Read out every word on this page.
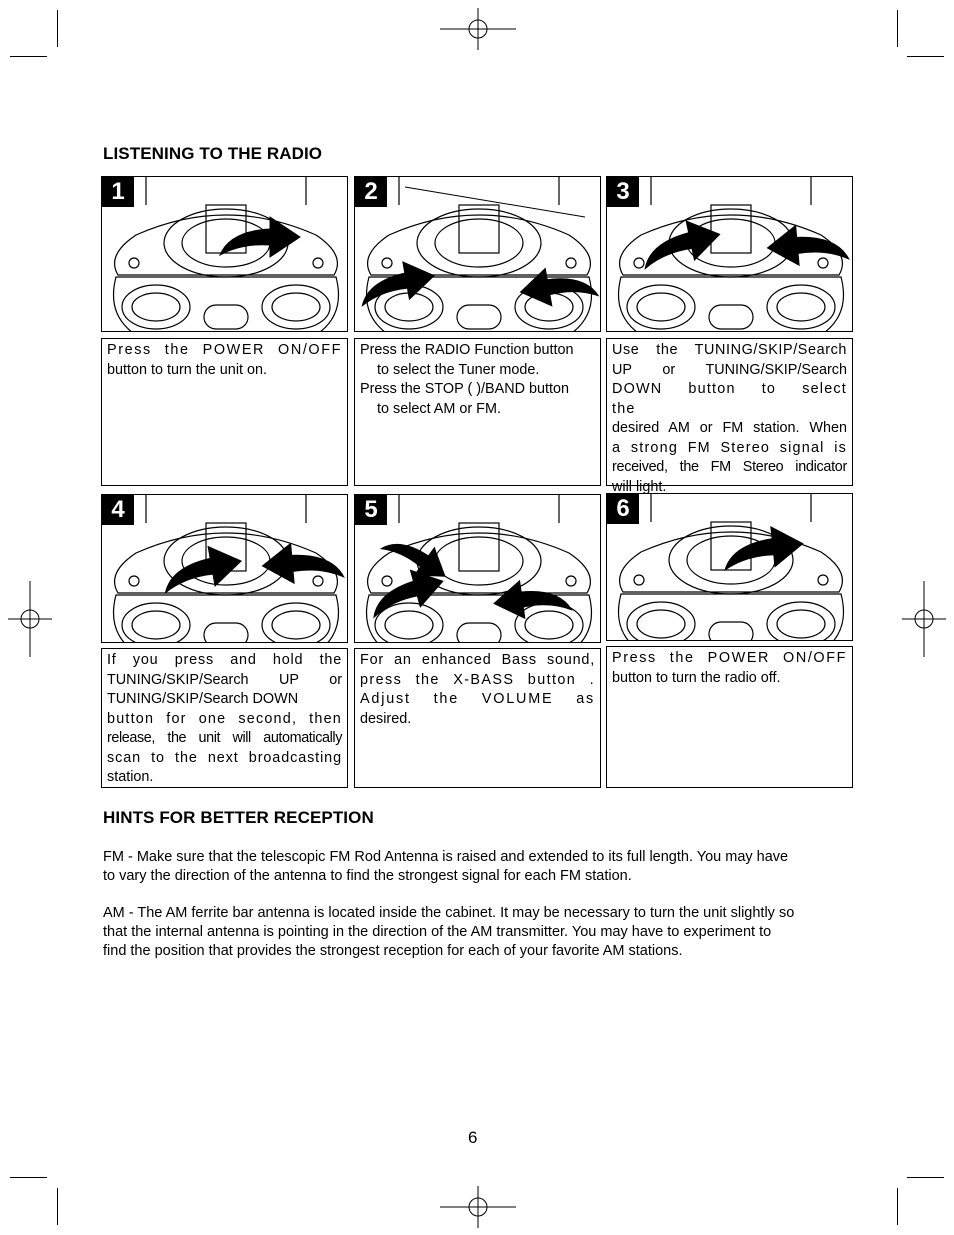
LISTENING TO THE RADIO
1	2	3
4	5	6

Press the POWER ON/OFF

button to turn the unit on.

Press the RADIO Function button
to select the Tuner mode.

Press the STOP ( )/BAND button
to select AM or FM.

Use the TUNING/SKIP/Search

UP or TUNING/SKIP/Search

DOWN button to select the

desired AM or FM station. When

a strong FM Stereo signal is

received, the FM Stereo indicator

will light.

If you press and hold the

TUNING/SKIP/Search UP or

TUNING/SKIP/Search DOWN

button for one second, then

release, the unit will automatically

scan to the next broadcasting

station.

For an enhanced Bass sound,

press the X-BASS button .

Adjust the VOLUME as

desired.

Press the POWER ON/OFF

button to turn the radio off.

HINTS FOR BETTER RECEPTION
FM - Make sure that the telescopic FM Rod Antenna is raised and extended to its full length. You may have
to vary the direction of the antenna to find the strongest signal for each FM station.
AM - The AM ferrite bar antenna is located inside the cabinet. It may be necessary to turn the unit slightly so
that the internal antenna is pointing in the direction of the AM transmitter. You may have to experiment to
find the position that provides the strongest reception for each of your favorite AM stations.
6
